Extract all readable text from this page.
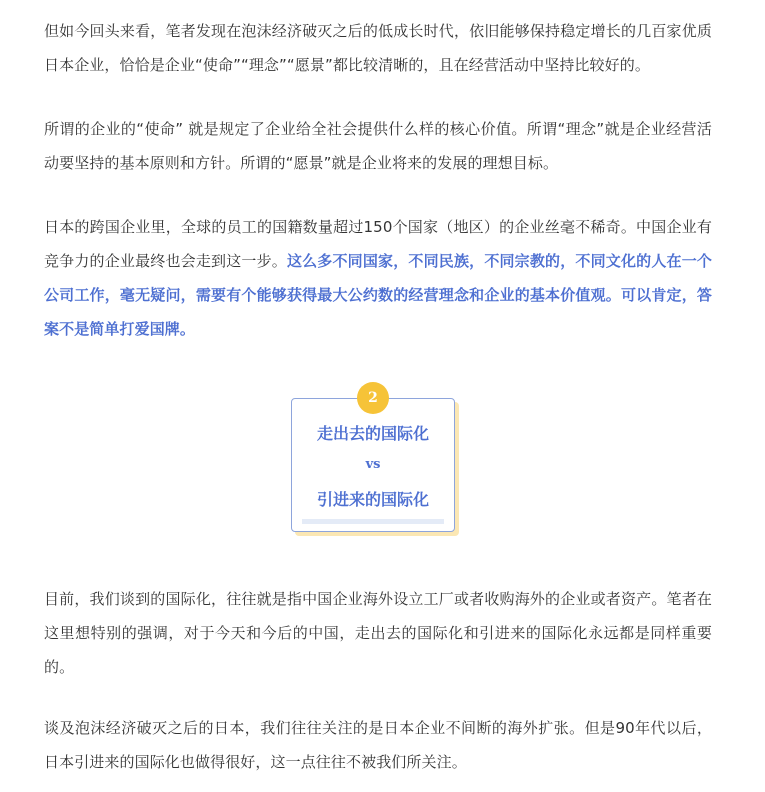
但如今回头来看，笔者发现在泡沫经济破灭之后的低成长时代，依旧能够保持稳定增长的几百家优质日本企业，恰恰是企业“使命”“理念”“愿景”都比较清晰的，且在经营活动中坚持比较好的。

所谓的企业的“使命” 就是规定了企业给全社会提供什么样的核心价值。所谓“理念”就是企业经营活动要坚持的基本原则和方针。所谓的“愿景”就是企业将来的发展的理想目标。

日本的跨国企业里，全球的员工的国籍数量超过150个国家（地区）的企业丝毫不稀奇。中国企业有竞争力的企业最终也会走到这一步。这么多不同国家，不同民族，不同宗教的，不同文化的人在一个公司工作，毫无疑问，需要有个能够获得最大公约数的经营理念和企业的基本价值观。可以肯定，答案不是简单打爱国牌。

2
走出去的国际化
vs
引进来的国际化

目前，我们谈到的国际化，往往就是指中国企业海外设立工厂或者收购海外的企业或者资产。笔者在这里想特别的强调，对于今天和今后的中国，走出去的国际化和引进来的国际化永远都是同样重要的。

谈及泡沫经济破灭之后的日本，我们往往关注的是日本企业不间断的海外扩张。但是90年代以后，日本引进来的国际化也做得很好，这一点往往不被我们所关注。
